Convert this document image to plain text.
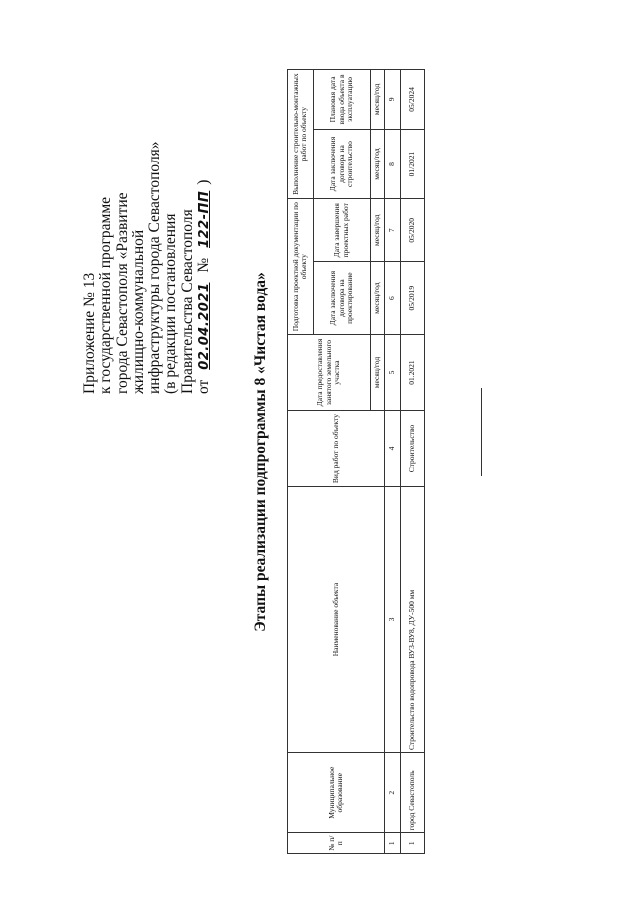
Приложение № 13 к государственной программе города Севастополя «Развитие жилищно-коммунальной инфраструктуры города Севастополя» (в редакции постановления Правительства Севастополя от 02.04.2021 № 122-ПП)
Этапы реализации подпрограммы 8 «Чистая вода»
№ п/п	Муниципальное образование	Наименование объекта	Вид работ по объекту	Дата предоставления занятого земельного участка	Подготовка проектной документации по объекту		Выполнение строительно-монтажных работ по объекту	
					Дата заключения договора на проектирование	Дата завершения проектных работ	Дата заключения договора на строительство	Плановая дата ввода объекта в эксплуатацию
				месяц/год	месяц/год	месяц/год	месяц/год	месяц/год
1	2	3	4	5	6	7	8	9
1	город Севастополь	Строительство водопровода ВУ3-ВУ8, ДУ-500 мм	Строительство	01.2021	05/2019	05/2020	01/2021	05/2024
